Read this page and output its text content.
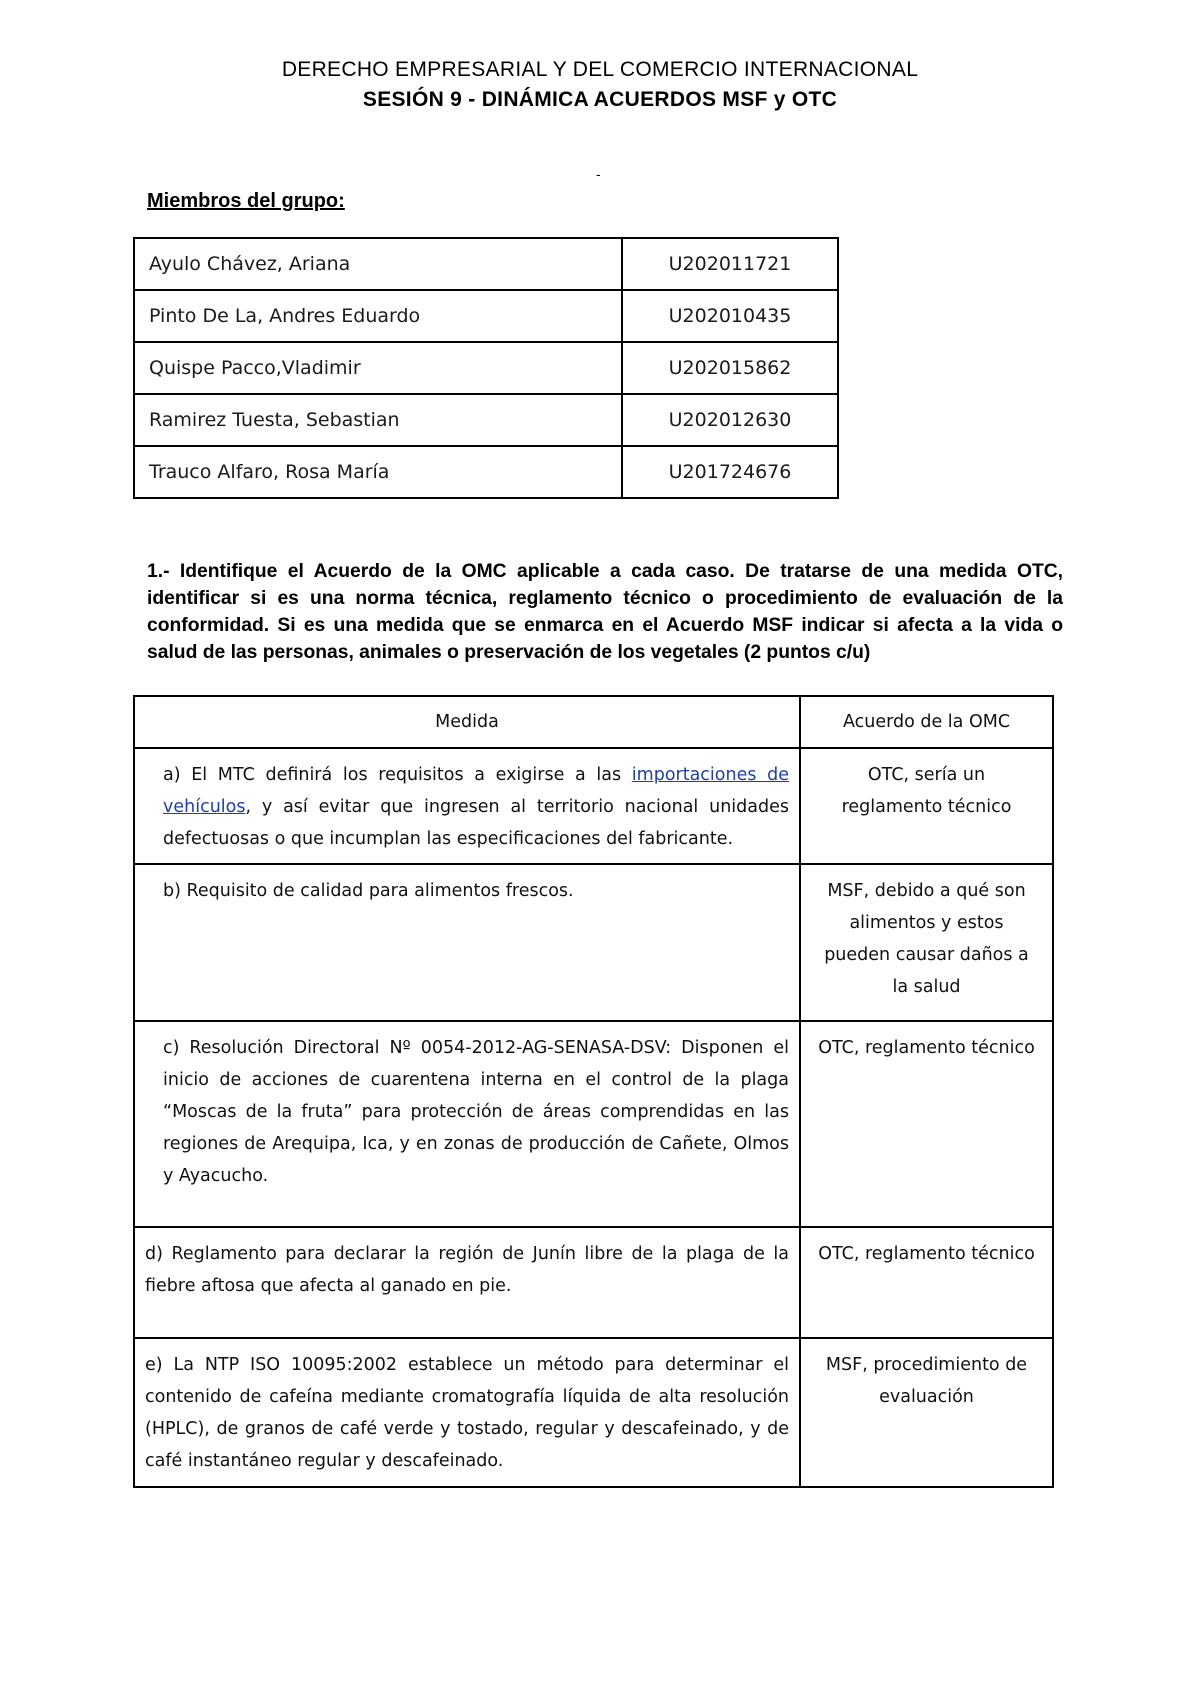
DERECHO EMPRESARIAL Y DEL COMERCIO INTERNACIONAL
SESIÓN 9 - DINÁMICA ACUERDOS MSF y OTC
-
Miembros del grupo:
Ayulo Chávez, Ariana	U202011721
Pinto De La, Andres Eduardo	U202010435
Quispe Pacco,Vladimir	U202015862
Ramirez Tuesta, Sebastian	U202012630
Trauco Alfaro, Rosa María	U201724676
1.- Identifique el Acuerdo de la OMC aplicable a cada caso. De tratarse de una medida OTC, identificar si es una norma técnica, reglamento técnico o procedimiento de evaluación de la conformidad. Si es una medida que se enmarca en el Acuerdo MSF indicar si afecta a la vida o salud de las personas, animales o preservación de los vegetales (2 puntos c/u)
Medida	Acuerdo de la OMC
a) El MTC definirá los requisitos a exigirse a las importaciones de vehículos, y así evitar que ingresen al territorio nacional unidades defectuosas o que incumplan las especificaciones del fabricante.	OTC, sería un reglamento técnico
b) Requisito de calidad para alimentos frescos.	MSF, debido a qué son alimentos y estos pueden causar daños a la salud
c) Resolución Directoral Nº 0054-2012-AG-SENASA-DSV: Disponen el inicio de acciones de cuarentena interna en el control de la plaga “Moscas de la fruta” para protección de áreas comprendidas en las regiones de Arequipa, Ica, y en zonas de producción de Cañete, Olmos y Ayacucho.	OTC, reglamento técnico
d) Reglamento para declarar la región de Junín libre de la plaga de la fiebre aftosa que afecta al ganado en pie.	OTC, reglamento técnico
e) La NTP ISO 10095:2002 establece un método para determinar el contenido de cafeína mediante cromatografía líquida de alta resolución (HPLC), de granos de café verde y tostado, regular y descafeinado, y de café instantáneo regular y descafeinado.	MSF, procedimiento de evaluación
